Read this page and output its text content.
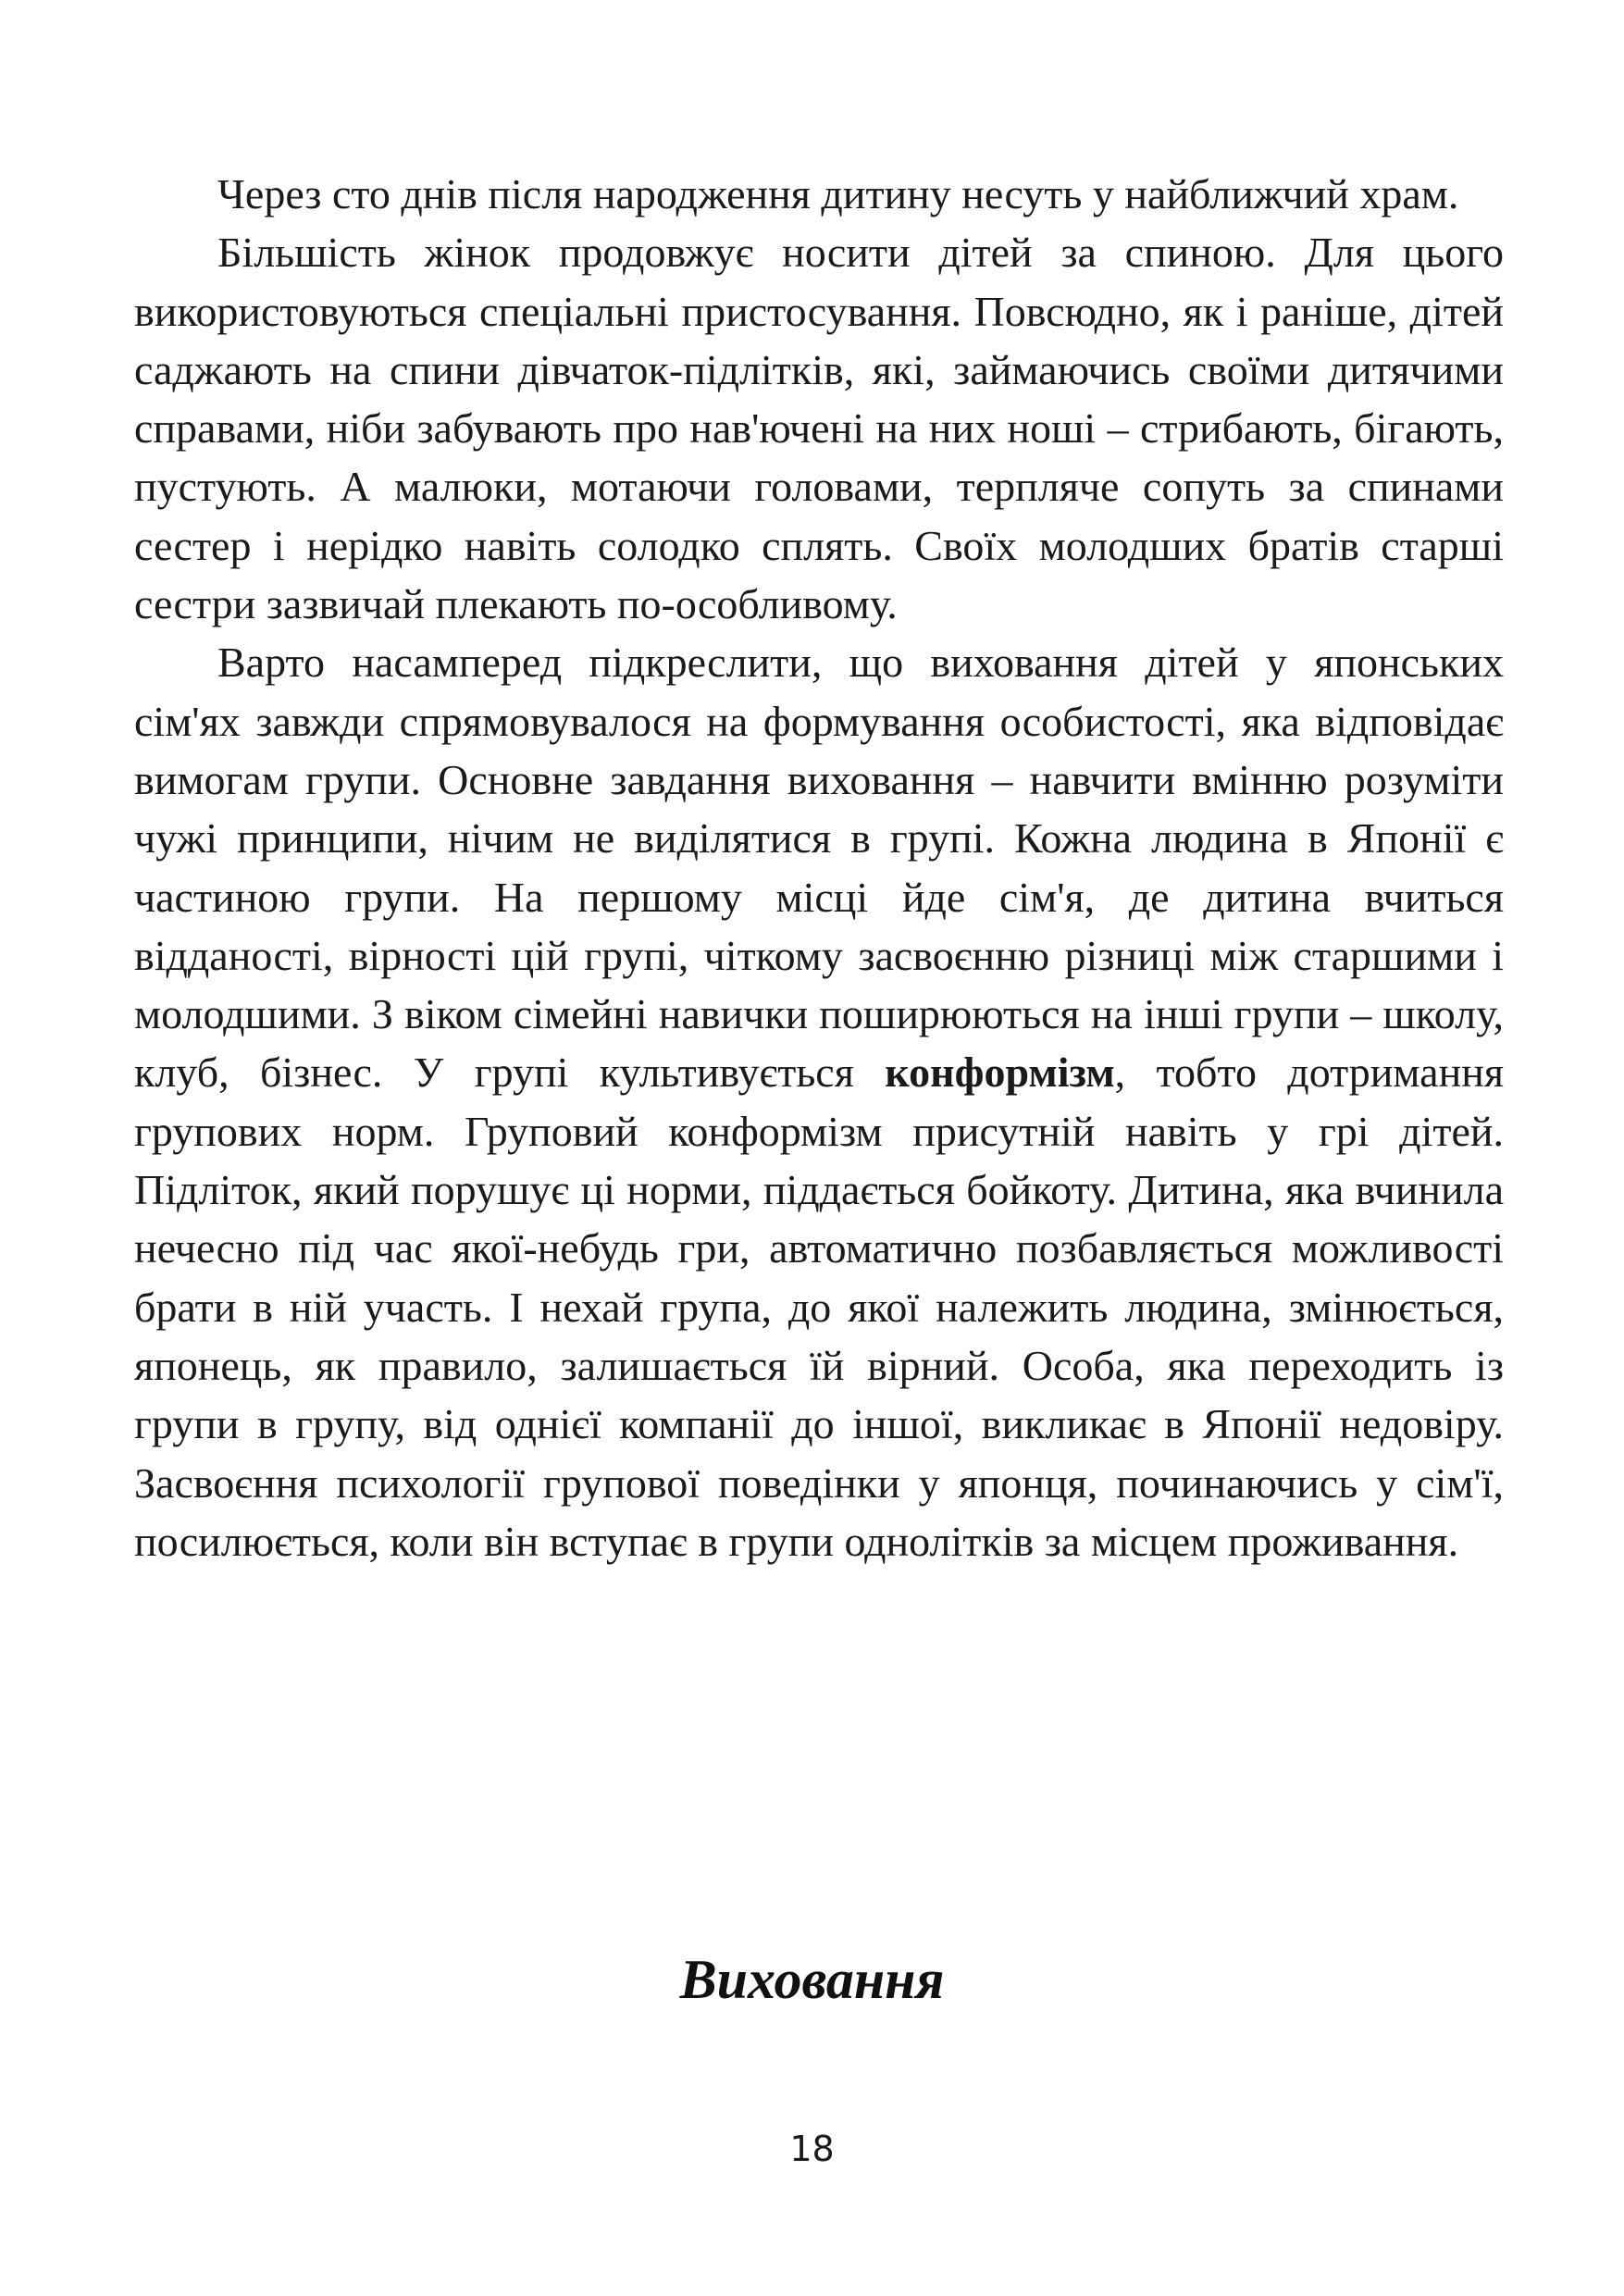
Через сто днів після народження дитину несуть у найближчий храм.

Більшість жінок продовжує носити дітей за спиною. Для цього використовуються спеціальні пристосування. Повсюдно, як і раніше, дітей саджають на спини дівчаток-підлітків, які, займаючись своїми дитячими справами, ніби забувають про нав'ючені на них ноші – стрибають, бігають, пустують. А малюки, мотаючи головами, терпляче сопуть за спинами сестер і нерідко навіть солодко сплять. Своїх молодших братів старші сестри зазвичай плекають по-особливому.

Варто насамперед підкреслити, що виховання дітей у японських сім'ях завжди спрямовувалося на формування особистості, яка відповідає вимогам групи. Основне завдання виховання – навчити вмінню розуміти чужі принципи, нічим не виділятися в групі. Кожна людина в Японії є частиною групи. На першому місці йде сім'я, де дитина вчиться відданості, вірності цій групі, чіткому засвоєнню різниці між старшими і молодшими. З віком сімейні навички поширюються на інші групи – школу, клуб, бізнес. У групі культивується конформізм, тобто дотримання групових норм. Груповий конформізм присутній навіть у грі дітей. Підліток, який порушує ці норми, піддається бойкоту. Дитина, яка вчинила нечесно під час якої-небудь гри, автоматично позбавляється можливості брати в ній участь. І нехай група, до якої належить людина, змінюється, японець, як правило, залишається їй вірний. Особа, яка переходить із групи в групу, від однієї компанії до іншої, викликає в Японії недовіру. Засвоєння психології групової поведінки у японця, починаючись у сім'ї, посилюється, коли він вступає в групи однолітків за місцем проживання.

Виховання
18
